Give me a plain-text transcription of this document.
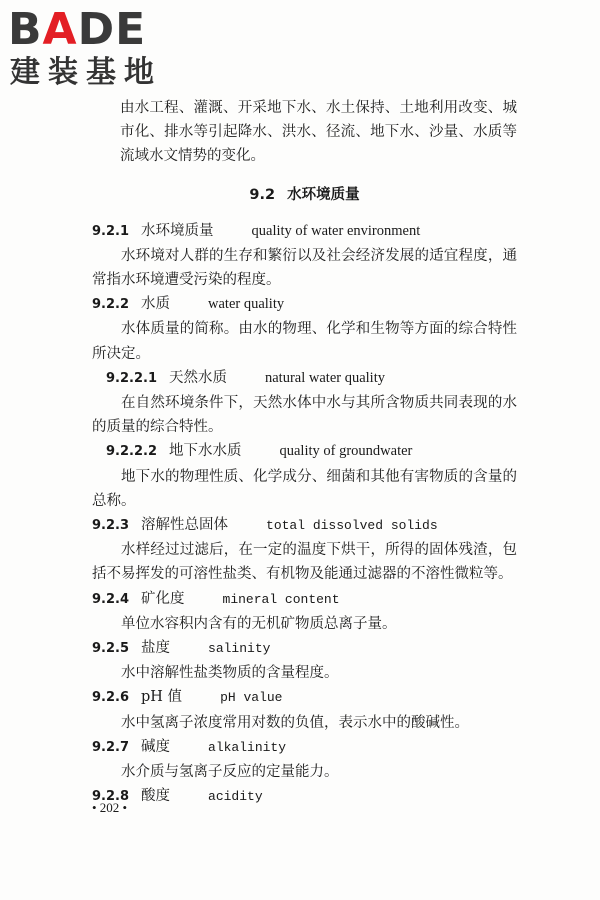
BADE
建装基地

由水工程、灌溉、开采地下水、水土保持、土地利用改变、城市化、排水等引起降水、洪水、径流、地下水、沙量、水质等流域水文情势的变化。

9.2 水环境质量

9.2.1 水环境质量	quality of water environment

水环境对人群的生存和繁衍以及社会经济发展的适宜程度，通常指水环境遭受污染的程度。

9.2.2 水质	water quality

水体质量的简称。由水的物理、化学和生物等方面的综合特性所决定。

9.2.2.1 天然水质	natural water quality

在自然环境条件下，天然水体中水与其所含物质共同表现的水的质量的综合特性。

9.2.2.2 地下水水质	quality of groundwater

地下水的物理性质、化学成分、细菌和其他有害物质的含量的总称。

9.2.3 溶解性总固体	total dissolved solids

水样经过过滤后，在一定的温度下烘干，所得的固体残渣，包括不易挥发的可溶性盐类、有机物及能通过滤器的不溶性微粒等。

9.2.4 矿化度	mineral content

单位水容积内含有的无机矿物质总离子量。

9.2.5 盐度	salinity

水中溶解性盐类物质的含量程度。

9.2.6 pH 值	pH value

水中氢离子浓度常用对数的负值，表示水中的酸碱性。

9.2.7 碱度	alkalinity

水介质与氢离子反应的定量能力。

9.2.8 酸度	acidity

• 202 •
